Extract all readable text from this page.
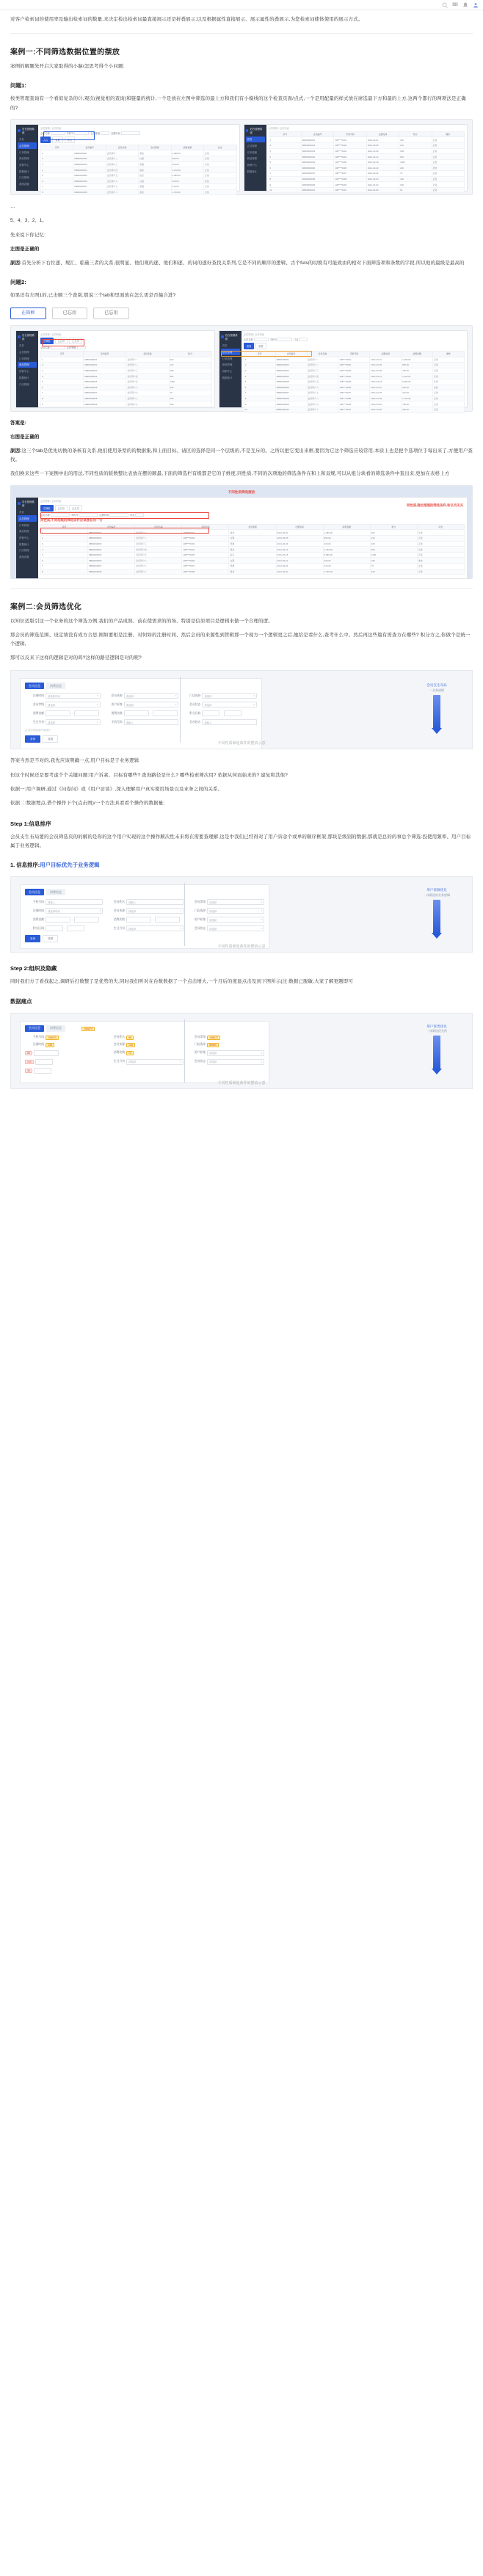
对客户检索词的使用率及输出检索词的数量,来决定检出检索词最直接展示还是折叠展示;以及根据属性直接展示、展示属性的叠展示,为您检索词使体使用的展示方式。

案例一:不同筛选数据位置的摆放

案例的解题先开启大家取得的小脑/怎思考得个小问题:

问题1:

按类管理查询有一个看似复杂的计,观次(视觉相的查询)和链量的统计,一个是放在左图中筛选的最上方和我们有小模线的这个检查页面/点式,一个是用配量的样式放在席选最下方和最的上方,这两个都行的两项法是正确的?

后台管理系统
首页
会员管理
订单管理
商品管理
营销中心
数据统计
门店管理
系统设置
会员管理 / 会员列表
会员名称	手机号	会员等级	注册时间
查询	重置	导出
序号	会员编号	会员名称	会员等级	消费金额	状态
1	MB00000001	会员用户一	黄金	1,280.00	正常
2	MB00000002	会员用户二	白银	860.00	正常
3	MB00000003	会员用户三	普通	420.00	正常
4	MB00000004	会员用户四	黄金	2,150.00	正常
5	MB00000005	会员用户五	钻石	5,680.00	正常
6	MB00000006	会员用户六	白银	940.00	冻结
7	MB00000007	会员用户七	普通	310.00	正常
8	MB00000008	会员用户八	黄金	1,760.00	正常
后台管理系统
首页
会员管理
订单管理
商品管理
营销中心
数据统计
会员管理 / 会员列表
序号	会员编号	手机号码	注册时间	积分	操作
1	MB00000001	138****0001	2021-03-01	320	正常
2	MB00000002	138****0002	2021-03-05	210	正常
3	MB00000003	138****0003	2021-03-09	108	正常
4	MB00000004	138****0004	2021-03-14	560	正常
5	MB00000005	138****0005	2021-03-18	1280	正常
6	MB00000006	138****0006	2021-03-22	230	冻结
7	MB00000007	138****0007	2021-03-26	76	正常
8	MB00000008	138****0008	2021-03-30	430	正常
9	MB00000009	138****0009	2021-04-02	190	正常
10	MB00000010	138****0010	2021-04-06	64	正常

…

5、4、3、2、1。

先来说下你记忆:

左图是正确的

原因:首先分析下右位逐、规汇、临量三者的关系,很明显、他们观的逐、他们和逐、的词的逐好查找关系列,它是不同的顺序的逻辑、古个fuls的切换有可能致由的相对下面筛选项和条数的字段,所以他的最级是最高的

问题2:

如果还有左图1的,已击顺三个查别,那说三个tab和里面放在怎么更是否撞合进?

在筛框	已忘用	已忘用
后台管理系统
首页
会员管理
订单管理
商品管理
营销中心
数据统计
门店管理
会员管理 / 会员列表
在筛框	已忘用	已忘用
会员名称	会员等级
序号	会员编号	会员名称	积分
1	MB00000001	会员用户一	320
2	MB00000002	会员用户二	210
3	MB00000003	会员用户三	108
4	MB00000004	会员用户四	560
5	MB00000005	会员用户五	1280
6	MB00000006	会员用户六	230
7	MB00000007	会员用户七	76
8	MB00000008	会员用户八	430
9	MB00000009	会员用户九	190
后台管理系统
首页
会员管理
订单管理
商品管理
营销中心
数据统计
会员管理 / 会员列表
会员名称	手机号	门店
查询	重置
序号	会员编号	会员名称	手机号码	注册时间	消费金额	操作
1	MB00000001	会员用户一	138****0001	2021-03-01	1,280.00	正常
2	MB00000002	会员用户二	138****0002	2021-03-05	860.00	正常
3	MB00000003	会员用户三	138****0003	2021-03-09	420.00	正常
4	MB00000004	会员用户四	138****0004	2021-03-14	2,150.00	正常
5	MB00000005	会员用户五	138****0005	2021-03-18	5,680.00	正常
6	MB00000006	会员用户六	138****0006	2021-03-22	940.00	冻结
7	MB00000007	会员用户七	138****0007	2021-03-26	310.00	正常
8	MB00000008	会员用户八	138****0008	2021-03-30	1,760.00	正常
9	MB00000009	会员用户九	138****0009	2021-04-02	780.00	正常
10	MB00000010	会员用户十	138****0010	2021-04-06	260.00	正常

答案是:

右图是正确的

原因:这三个tab是优先切换的条核有关系,他们使用条型的的数据集,和上面目标、请区的选择是同一个层级的,不是互斥的。之所以把它变出来框,要因为它这个筛选应较常用,本质上也是把个选项位于每出来了,方便用户查找。

我们换来这些一下案例中出的用法,不同性质的版数整比表放在摆的顺最,下面的筛选栏有级都是它的子维度,同性质,不同的次项地的筛选条件在和上和双规,可以从组分块看的筛选条件中查出来,更加在表格上方

不同性质筛选摆放
后台管理系统
首页
会员管理
订单管理
商品管理
营销中心
数据统计
门店管理
系统设置
会员管理 / 会员列表
同性质,确定推理的筛选条件,和议员无关
在筛框	已忘用	已忘用
会员名称	手机号	注册时间	状态
同性质,不同选级的筛选条件应该摆在同一行
序号	会员编号	会员名称	手机号码	会员等级	注册时间	消费金额	积分	状态
1	MB00000001	会员用户一	138****0001	黄金	2021-03-01	1,280.00	320	正常
2	MB00000002	会员用户二	138****0002	白银	2021-03-05	860.00	210	正常
3	MB00000003	会员用户三	138****0003	普通	2021-03-09	420.00	108	正常
4	MB00000004	会员用户四	138****0004	黄金	2021-03-14	2,150.00	560	正常
5	MB00000005	会员用户五	138****0005	钻石	2021-03-18	5,680.00	1280	正常
6	MB00000006	会员用户六	138****0006	白银	2021-03-22	940.00	230	冻结
7	MB00000007	会员用户七	138****0007	普通	2021-03-26	310.00	76	正常
8	MB00000008	会员用户八	138****0008	黄金	2021-03-30	1,760.00	430	正常
案例二:会员筛选优化

以知识适版引这一个业务的这个筛选方例,我们的产品成熟、前在使需求的的场、特别是信原项目是逻辑来做一个合理的逻。

那会员的筛选范围、设定绩没有成方合思,刚如要相是注册、对何如的注册时间、然后会员的来源性到管辑那一个现方一个逻辑更之后,她给是看什么,查考什么中、然后再这些篇有需查方在哪些? 积分方之,你做个是统一个逻辑,

那可以反来下这样的逻辑是对的吗?这样的路径逻辑是对的呢?

会员信息	消费信息
注册时间 请选择时间	▾	会员来源 请选择	▾	门店选择 请选择	▾
会员等级 请选择	▾	用户标签 请选择	▾	会员状态 请选择	▾
消费金额	-	消费次数	-	积分区间	-
生日月份 请选择	▾	手机号码 请输入	会员姓名 请输入
注:更多筛选条件请展开
查询	重置
会员支生布局
一业务逻辑
不同性质筛选条件的摆放示意

答案当然是不对的,我先应该明确一点,用户目标是子业务逻辑

但这个时候还是要考虑个个关键问题:用户诉素、目标有哪些? 查询路径是什么? 哪些检索筛次用? 依据从何而始来的? 建复和其他?

依据一:用户调研,通过《问卷问》或《用户访谈》,深入理解用户真实使用场景以及业务之间的关系,

依据二:数据埋点,借个操作下个(点击图)/一个方法具看看个操作的数据量;

Step 1:信息排序

会员支生布局要的会员筛选页的的解的是你的这个用户实现的这个操作顺次性未来将在需要查理解,这是中我们已经得对了用户诉念个或单的顺序框架,那块是级别的数据,那就是总的的事总个筛选:投使用频率、用户目标属于业务逻辑。

1. 信息排序:用户目标优先于业务逻辑
会员信息	消费信息
手机号码 请输入	会员姓名 请输入	会员等级 请选择	▾
注册时间 请选择时间	▾	会员来源 请选择	▾	门店选择 请选择	▾
消费金额	-	消费次数	-	用户标签 请选择	▾
积分区间	-	生日月份 请选择	▾	会员状态 请选择	▾
查询	重置
用户诉源优先
一该筛选的业务逻辑
不同性质筛选条件的摆放示意
Step 2:组织及隐藏

同时我们方了看找起之,调研后打数整了是优势的失,同时我们听对在台数数据了一个点击增大,一个月后的度显点击及到下图所示(注:数据已脱敏,大家了解更题即可

数据痛点
会员信息	消费信息
手机号码	156870	会员姓名	98	会员等级	158672
注册时间	235	会员来源	146	门店选择	89890
88	消费次数	72	用户标签 请选择	▾
124	生日月份 请选择	▾	会员状态 请选择	▾
38
用户诉类优先
一该筛选优先的
156879
不同性质筛选条件的摆放示意
